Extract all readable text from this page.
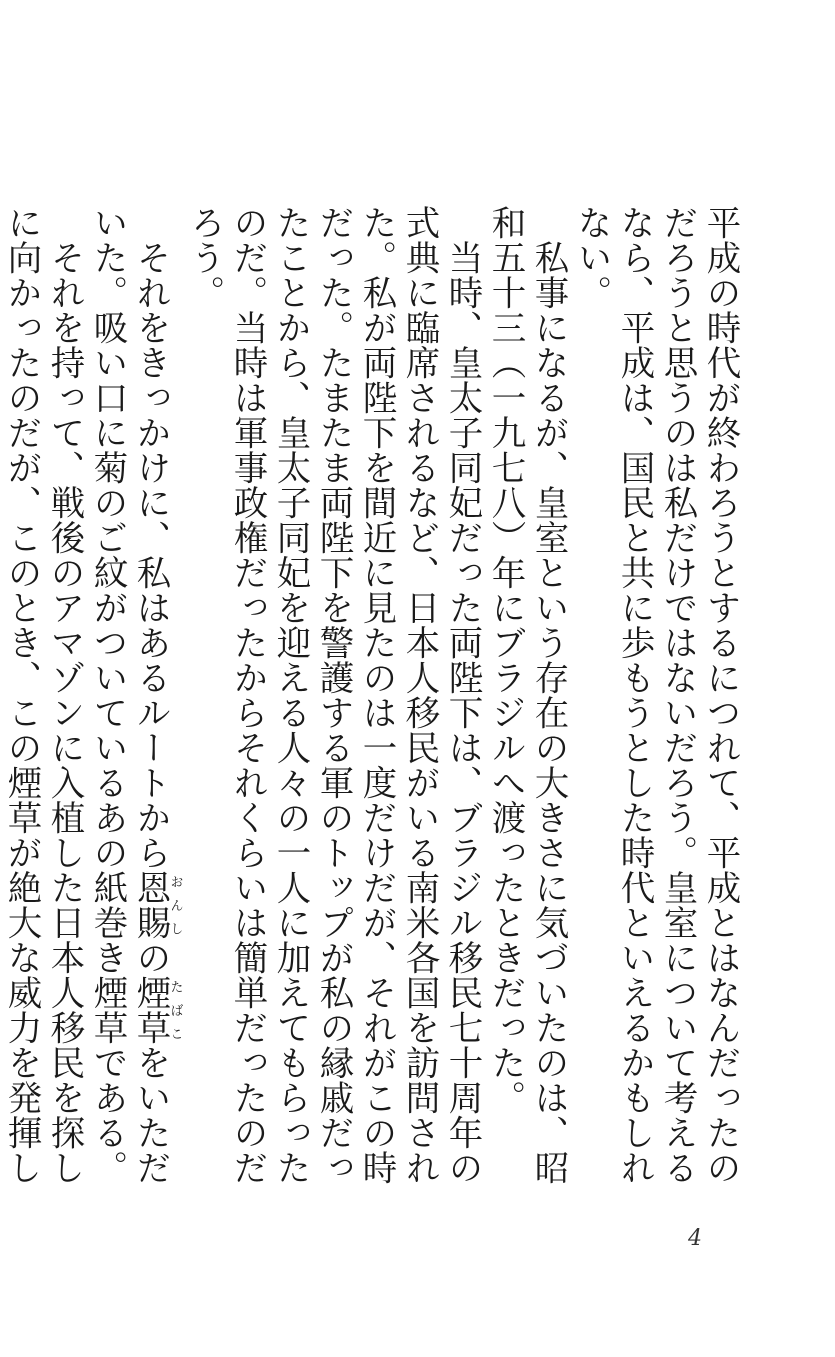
平成の時代が終わろうとするにつれて、平成とはなんだったのだろうと思うのは私だけではないだろう。皇室について考えるなら、平成は、国民と共に歩もうとした時代といえるかもしれない。

私事になるが、皇室という存在の大きさに気づいたのは、昭和五十三（一九七八）年にブラジルへ渡ったときだった。

当時、皇太子同妃だった両陛下は、ブラジル移民七十周年の式典に臨席されるなど、日本人移民がいる南米各国を訪問された。私が両陛下を間近に見たのは一度だけだが、それがこの時だった。たまたま両陛下を警護する軍のトップが私の縁戚だったことから、皇太子同妃を迎える人々の一人に加えてもらったのだ。当時は軍事政権だったからそれくらいは簡単だったのだろう。

それをきっかけに、私はあるルートから恩賜おんしの煙草たばこをいただいた。吸い口に菊のご紋がついているあの紙巻き煙草である。

それを持って、戦後のアマゾンに入植した日本人移民を探しに向かったのだが、このとき、この煙草が絶大な威力を発揮し

4
